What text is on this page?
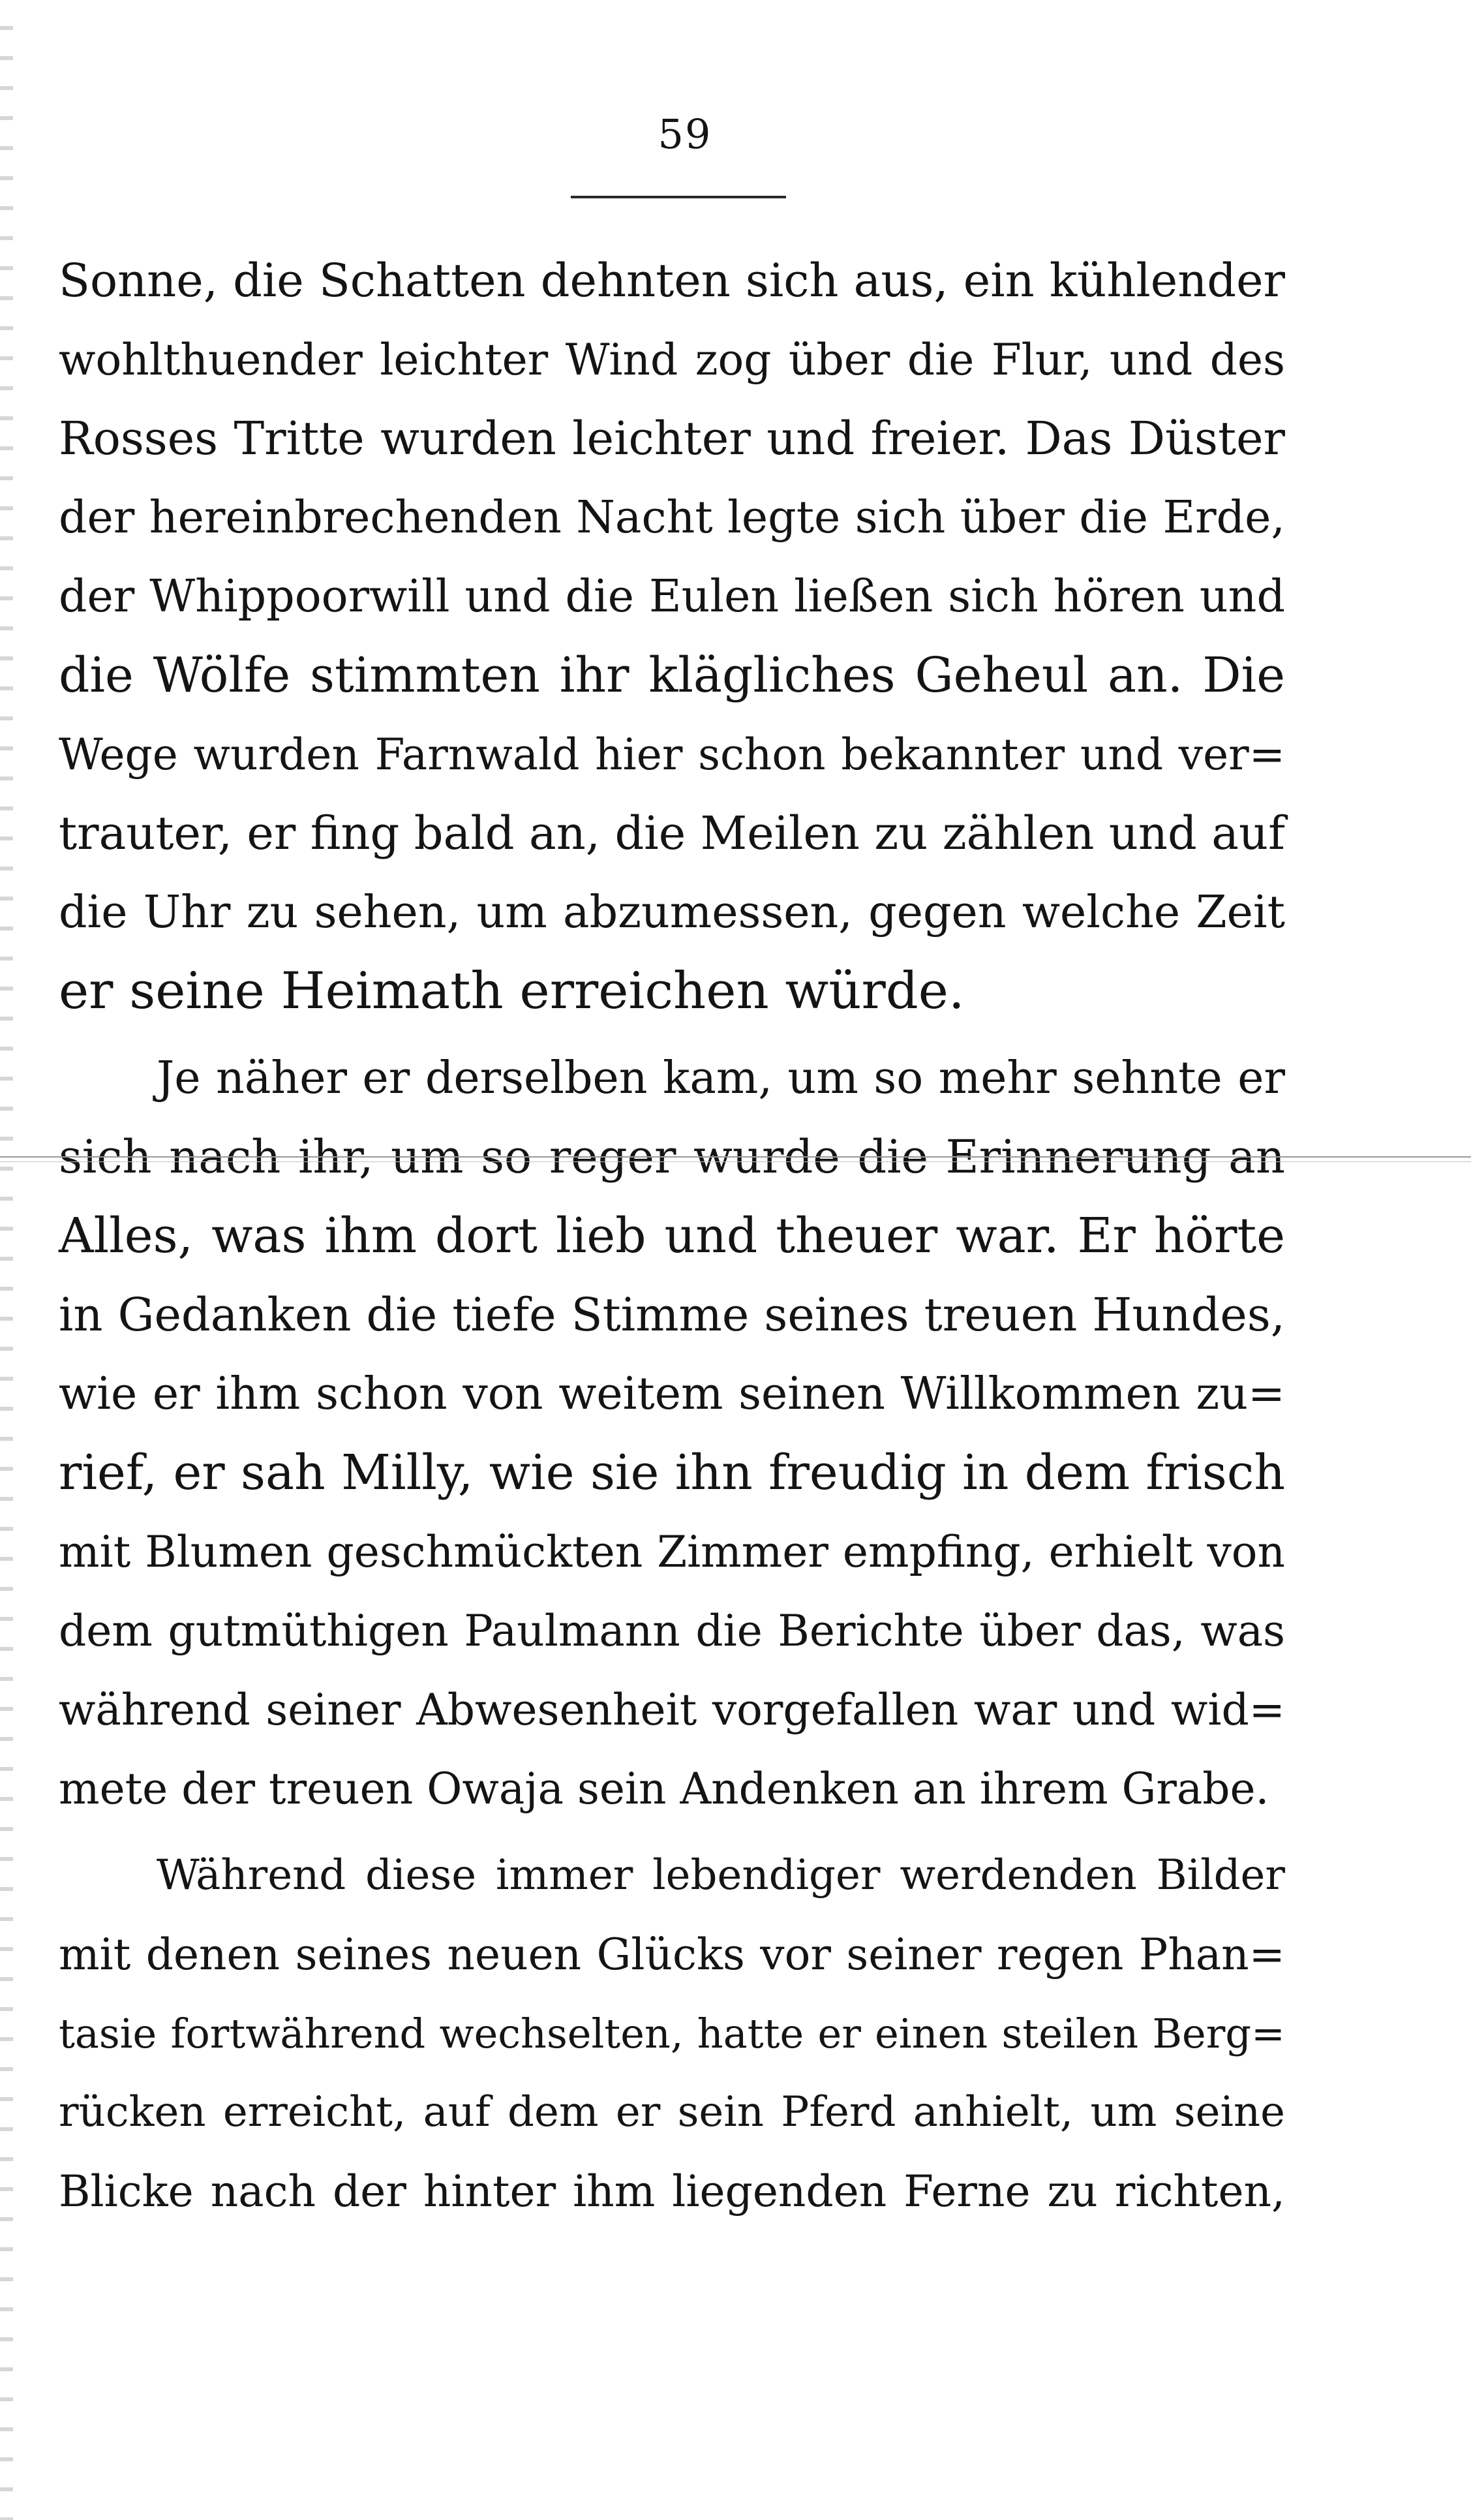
59
Sonne, die Schatten dehnten sich aus, ein kühlender
wohlthuender leichter Wind zog über die Flur, und des
Rosses Tritte wurden leichter und freier. Das Düster
der hereinbrechenden Nacht legte sich über die Erde,
der Whippoorwill und die Eulen ließen sich hören und
die Wölfe stimmten ihr klägliches Geheul an. Die
Wege wurden Farnwald hier schon bekannter und ver=
trauter, er fing bald an, die Meilen zu zählen und auf
die Uhr zu sehen, um abzumessen, gegen welche Zeit
er seine Heimath erreichen würde.
Je näher er derselben kam, um so mehr sehnte er
sich nach ihr, um so reger wurde die Erinnerung an
Alles, was ihm dort lieb und theuer war. Er hörte
in Gedanken die tiefe Stimme seines treuen Hundes,
wie er ihm schon von weitem seinen Willkommen zu=
rief, er sah Milly, wie sie ihn freudig in dem frisch
mit Blumen geschmückten Zimmer empfing, erhielt von
dem gutmüthigen Paulmann die Berichte über das, was
während seiner Abwesenheit vorgefallen war und wid=
mete der treuen Owaja sein Andenken an ihrem Grabe.
Während diese immer lebendiger werdenden Bilder
mit denen seines neuen Glücks vor seiner regen Phan=
tasie fortwährend wechselten, hatte er einen steilen Berg=
rücken erreicht, auf dem er sein Pferd anhielt, um seine
Blicke nach der hinter ihm liegenden Ferne zu richten,
